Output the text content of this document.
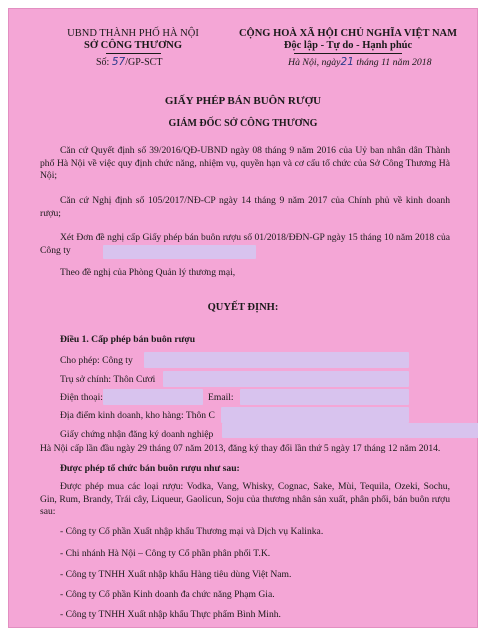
UBND THÀNH PHỐ HÀ NỘI
SỞ CÔNG THƯƠNG
Số: 57/GP-SCT
CỘNG HOÀ XÃ HỘI CHỦ NGHĨA VIỆT NAM
Độc lập - Tự do - Hạnh phúc
Hà Nội, ngày21 tháng 11 năm 2018
GIẤY PHÉP BÁN BUÔN RƯỢU
GIÁM ĐỐC SỞ CÔNG THƯƠNG
Căn cứ Quyết định số 39/2016/QĐ-UBND ngày 08 tháng 9 năm 2016 của Uỷ ban nhân dân Thành phố Hà Nội về việc quy định chức năng, nhiệm vụ, quyền hạn và cơ cấu tổ chức của Sở Công Thương Hà Nội;
Căn cứ Nghị định số 105/2017/NĐ-CP ngày 14 tháng 9 năm 2017 của Chính phủ về kinh doanh rượu;
Xét Đơn đề nghị cấp Giấy phép bán buôn rượu số 01/2018/ĐĐN-GP ngày 15 tháng 10 năm 2018 của Công ty
Theo đề nghị của Phòng Quản lý thương mại,
QUYẾT ĐỊNH:
Điều 1. Cấp phép bán buôn rượu
Cho phép: Công ty
Trụ sở chính: Thôn Cươi
Điện thoại:	Email:
Địa điểm kinh doanh, kho hàng: Thôn C
Giấy chứng nhận đăng ký doanh nghiệp
Hà Nội cấp lần đầu ngày 29 tháng 07 năm 2013, đăng ký thay đổi lần thứ 5 ngày 17 tháng 12 năm 2014.
Được phép tổ chức bán buôn rượu như sau:
Được phép mua các loại rượu: Vodka, Vang, Whisky, Cognac, Sake, Mùi, Tequila, Ozeki, Sochu, Gin, Rum, Brandy, Trái cây, Liqueur, Gaolicun, Soju của thương nhân sản xuất, phân phối, bán buôn rượu sau:
- Công ty Cổ phần Xuất nhập khẩu Thương mại và Dịch vụ Kalinka.
- Chi nhánh Hà Nội – Công ty Cổ phần phân phối T.K.
- Công ty TNHH Xuất nhập khẩu Hàng tiêu dùng Việt Nam.
- Công ty Cổ phần Kinh doanh đa chức năng Phạm Gia.
- Công ty TNHH Xuất nhập khẩu Thực phẩm Bình Minh.
